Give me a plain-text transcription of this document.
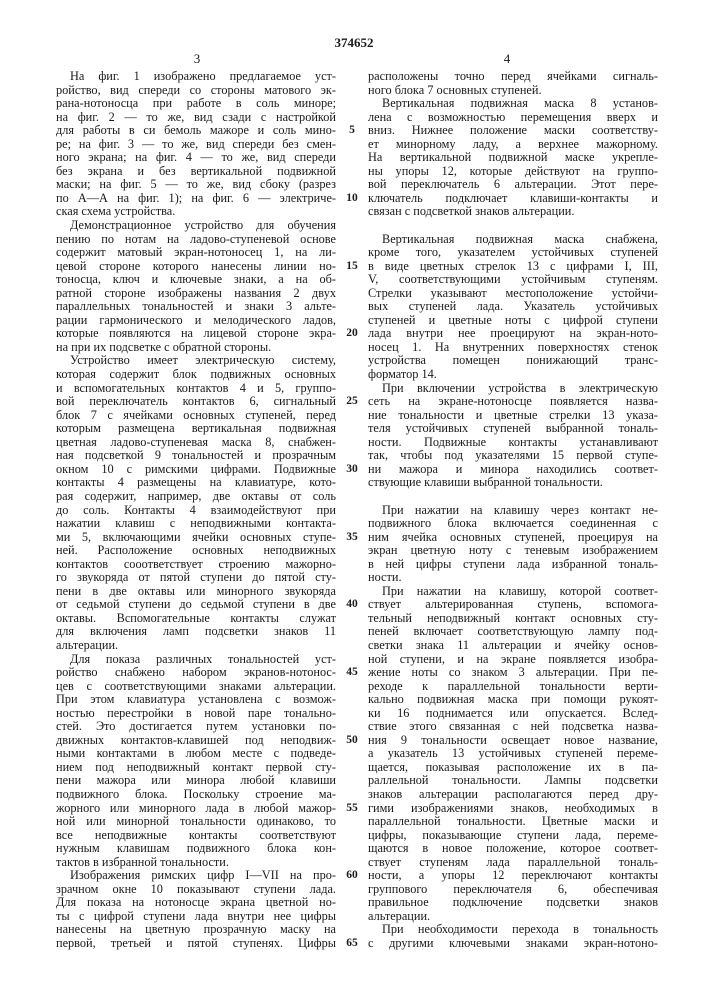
374652
3	4
На фиг. 1 изображено предлагаемое уст-
ройство, вид спереди со стороны матового эк-
рана-нотоносца при работе в соль миноре;
на фиг. 2 — то же, вид сзади с настройкой
для работы в си бемоль мажоре и соль мино-
ре; на фиг. 3 — то же, вид спереди без смен-
ного экрана; на фиг. 4 — то же, вид спереди
без экрана и без вертикальной подвижной
маски; на фиг. 5 — то же, вид сбоку (разрез
по А—А на фиг. 1); на фиг. 6 — электриче-
ская схема устройства.
Демонстрационное устройство для обучения
пению по нотам на ладово-ступеневой основе
содержит матовый экран-нотоносец 1, на ли-
цевой стороне которого нанесены линии но-
тоносца, ключ и ключевые знаки, а на об-
ратной стороне изображены названия 2 двух
параллельных тональностей и знаки 3 альте-
рации гармонического и мелодического ладов,
которые появляются на лицевой стороне экра-
на при их подсветке с обратной стороны.
Устройство имеет электрическую систему,
которая содержит блок подвижных основных
и вспомогательных контактов 4 и 5, группо-
вой переключатель контактов 6, сигнальный
блок 7 с ячейками основных ступеней, перед
которым размещена вертикальная подвижная
цветная ладово-ступеневая маска 8, снабжен-
ная подсветкой 9 тональностей и прозрачным
окном 10 с римскими цифрами. Подвижные
контакты 4 размещены на клавиатуре, кото-
рая содержит, например, две октавы от соль
до соль. Контакты 4 взаимодействуют при
нажатии клавиш с неподвижными контакта-
ми 5, включающими ячейки основных ступе-
ней. Расположение основных неподвижных
контактов сооответствует строению мажорно-
го звукоряда от пятой ступени до пятой сту-
пени в две октавы или минорного звукоряда
от седьмой ступени до седьмой ступени в две
октавы. Вспомогательные контакты служат
для включения ламп подсветки знаков 11
альтерации.
Для показа различных тональностей уст-
ройство снабжено набором экранов-нотонос-
цев с соответствующими знаками альтерации.
При этом клавиатура установлена с возмож-
ностью перестройки в новой паре тонально-
стей. Это достигается путем установки по-
движных контактов-клавишей под неподвиж-
ными контактами в любом месте с подведе-
нием под неподвижный контакт первой сту-
пени мажора или минора любой клавиши
подвижного блока. Поскольку строение ма-
жорного или минорного лада в любой мажор-
ной или минорной тональности одинаково, то
все неподвижные контакты соответствуют
нужным клавишам подвижного блока кон-
тактов в избранной тональности.
Изображения римских цифр I—VII на про-
зрачном окне 10 показывают ступени лада.
Для показа на нотоносце экрана цветной но-
ты с цифрой ступени лада внутри нее цифры
нанесены на цветную прозрачную маску на
первой, третьей и пятой ступенях. Цифры
5
10
15
20
25
30
35
40
45
50
55
60
65
расположены точно перед ячейками сигналь-
ного блока 7 основных ступеней.
Вертикальная подвижная маска 8 установ-
лена с возможностью перемещения вверх и
вниз. Нижнее положение маски соответству-
ет минорному ладу, а верхнее мажорному.
На вертикальной подвижной маске укрепле-
ны упоры 12, которые действуют на группо-
вой переключатель 6 альтерации. Этот пере-
ключатель подключает клавиши-контакты и
связан с подсветкой знаков альтерации.
Вертикальная подвижная маска снабжена,
кроме того, указателем устойчивых ступеней
в виде цветных стрелок 13 с цифрами I, III,
V, соответствующими устойчивым ступеням.
Стрелки указывают местоположение устойчи-
вых ступеней лада. Указатель устойчивых
ступеней и цветные ноты с цифрой ступени
лада внутри нее проецируют на экран-ното-
носец 1. На внутренних поверхностях стенок
устройства помещен понижающий транс-
форматор 14.
При включении устройства в электрическую
сеть на экране-нотоносце появляется назва-
ние тональности и цветные стрелки 13 указа-
теля устойчивых ступеней выбранной тональ-
ности. Подвижные контакты устанавливают
так, чтобы под указателями 15 первой ступе-
ни мажора и минора находились соответ-
ствующие клавиши выбранной тональности.
При нажатии на клавишу через контакт не-
подвижного блока включается соединенная с
ним ячейка основных ступеней, проецируя на
экран цветную ноту с теневым изображением
в ней цифры ступени лада избранной тональ-
ности.
При нажатии на клавишу, которой соответ-
ствует альтерированная ступень, вспомога-
тельный неподвижный контакт основных сту-
пеней включает соответствующую лампу под-
светки знака 11 альтерации и ячейку основ-
ной ступени, и на экране появляется изобра-
жение ноты со знаком 3 альтерации. При пе-
реходе к параллельной тональности верти-
кально подвижная маска при помощи рукоят-
ки 16 поднимается или опускается. Вслед-
ствие этого связанная с ней подсветка назва-
ния 9 тональности освещает новое название,
а указатель 13 устойчивых ступеней переме-
щается, показывая расположение их в па-
раллельной тональности. Лампы подсветки
знаков альтерации располагаются перед дру-
гими изображениями знаков, необходимых в
параллельной тональности. Цветные маски и
цифры, показывающие ступени лада, переме-
щаются в новое положение, которое соответ-
ствует ступеням лада параллельной тональ-
ности, а упоры 12 переключают контакты
группового переключателя 6, обеспечивая
правильное подключение подсветки знаков
альтерации.
При необходимости перехода в тональность
с другими ключевыми знаками экран-нотоно-
